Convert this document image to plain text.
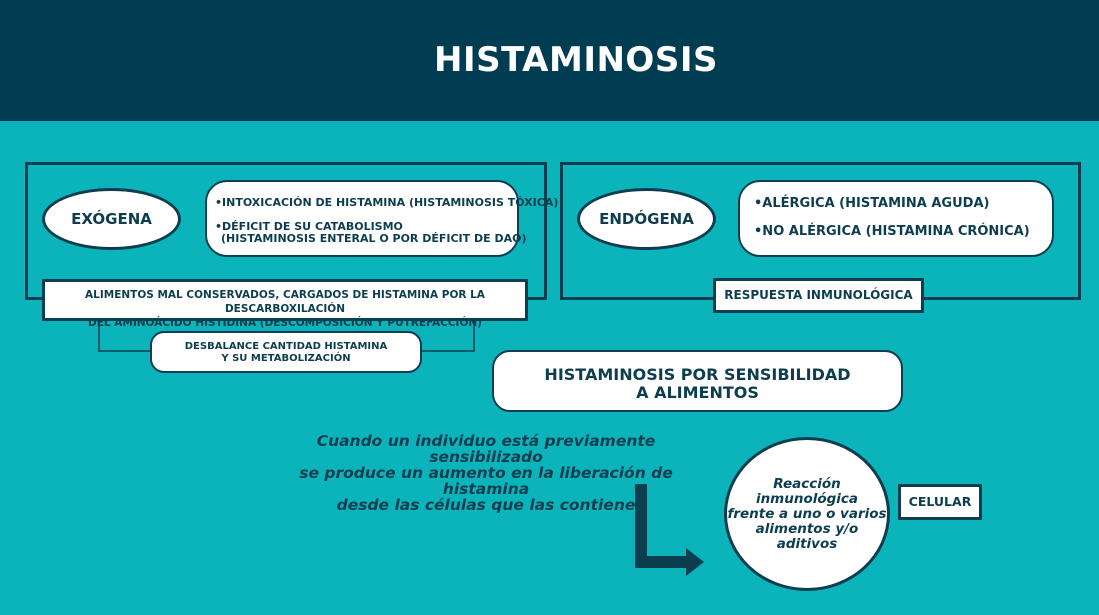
HISTAMINOSIS
EXÓGENA
•INTOXICACIÓN DE HISTAMINA (HISTAMINOSIS TÓXICA)
•DÉFICIT DE SU CATABOLISMO
(HISTAMINOSIS ENTERAL O POR DÉFICIT DE DAO)
ALIMENTOS MAL CONSERVADOS, CARGADOS DE HISTAMINA POR LA DESCARBOXILACIÓN
DEL AMINOÁCIDO HISTIDINA (DESCOMPOSICIÓN Y PUTREFACCIÓN)
DESBALANCE CANTIDAD HISTAMINA
Y SU METABOLIZACIÓN
ENDÓGENA
•ALÉRGICA (HISTAMINA AGUDA)
•NO ALÉRGICA (HISTAMINA CRÓNICA)
RESPUESTA INMUNOLÓGICA
HISTAMINOSIS POR SENSIBILIDAD
A ALIMENTOS
Cuando un individuo está previamente sensibilizado
se produce un aumento en la liberación de histamina
desde las células que las contiene
Reacción
inmunológica
frente a uno o varios
alimentos y/o
aditivos
CELULAR
